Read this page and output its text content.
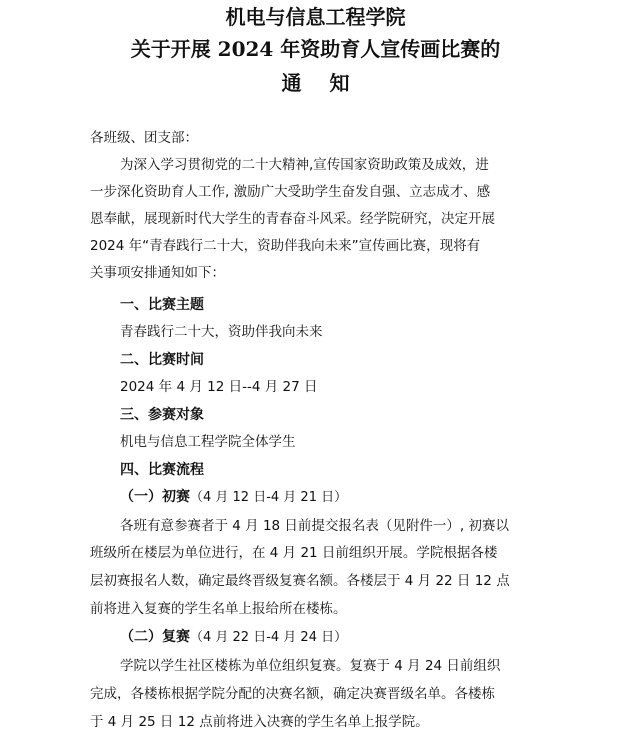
机电与信息工程学院
关于开展 2024 年资助育人宣传画比赛的
通知
各班级、团支部：
为深入学习贯彻党的二十大精神,宣传国家资助政策及成效，进
一步深化资助育人工作, 激励广大受助学生奋发自强、立志成才、感
恩奉献，展现新时代大学生的青春奋斗风采。经学院研究，决定开展
2024 年“青春践行二十大，资助伴我向未来”宣传画比赛，现将有
关事项安排通知如下：
一、比赛主题
青春践行二十大，资助伴我向未来
二、比赛时间
2024 年 4 月 12 日--4 月 27 日
三、参赛对象
机电与信息工程学院全体学生
四、比赛流程
（一）初赛（4 月 12 日-4 月 21 日）
各班有意参赛者于 4 月 18 日前提交报名表（见附件一）, 初赛以
班级所在楼层为单位进行，在 4 月 21 日前组织开展。学院根据各楼
层初赛报名人数，确定最终晋级复赛名额。各楼层于 4 月 22 日 12 点
前将进入复赛的学生名单上报给所在楼栋。
（二）复赛（4 月 22 日-4 月 24 日）
学院以学生社区楼栋为单位组织复赛。复赛于 4 月 24 日前组织
完成，各楼栋根据学院分配的决赛名额，确定决赛晋级名单。各楼栋
于 4 月 25 日 12 点前将进入决赛的学生名单上报学院。
